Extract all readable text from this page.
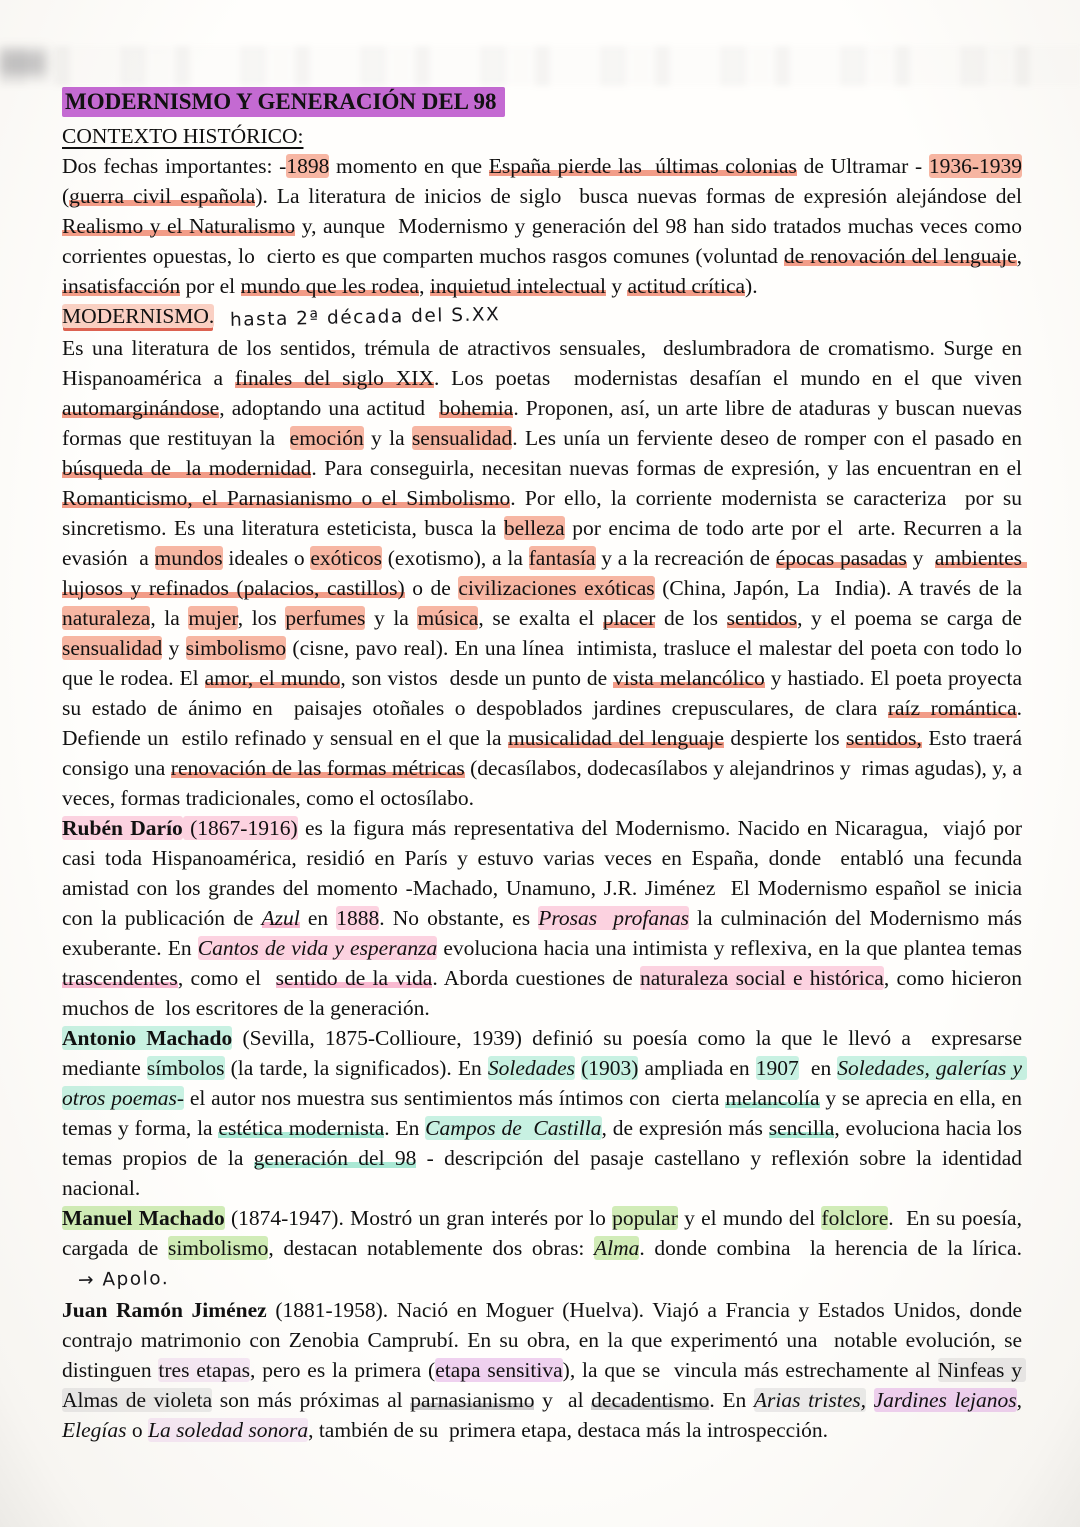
MODERNISMO Y GENERACIÓN DEL 98

CONTEXTO HISTÓRICO:

Dos fechas importantes: -1898 momento en que España pierde las  últimas colonias de Ultramar - 1936-1939 (guerra civil española). La literatura de inicios de siglo  busca nuevas formas de expresión alejándose del Realismo y el Naturalismo y, aunque  Modernismo y generación del 98 han sido tratados muchas veces como corrientes opuestas, lo  cierto es que comparten muchos rasgos comunes (voluntad de renovación del lenguaje,  insatisfacción por el mundo que les rodea, inquietud intelectual y actitud crítica).

MODERNISMO. hasta 2ª década del S.XX

Es una literatura de los sentidos, trémula de atractivos sensuales,  deslumbradora de cromatismo. Surge en Hispanoamérica a finales del siglo XIX. Los poetas  modernistas desafían el mundo en el que viven automarginándose, adoptando una actitud  bohemia. Proponen, así, un arte libre de ataduras y buscan nuevas formas que restituyan la  emoción y la sensualidad. Les unía un ferviente deseo de romper con el pasado en búsqueda de  la modernidad. Para conseguirla, necesitan nuevas formas de expresión, y las encuentran en el  Romanticismo, el Parnasianismo o el Simbolismo. Por ello, la corriente modernista se caracteriza  por su sincretismo. Es una literatura esteticista, busca la belleza por encima de todo arte por el  arte. Recurren a la evasión  a mundos ideales o exóticos (exotismo), a la fantasía y a la recreación de épocas pasadas y  ambientes lujosos y refinados (palacios, castillos) o de civilizaciones exóticas (China, Japón, La  India). A través de la naturaleza, la mujer, los perfumes y la música, se exalta el placer de los sentidos, y el poema se carga de sensualidad y simbolismo (cisne, pavo real). En una línea  intimista, trasluce el malestar del poeta con todo lo que le rodea. El amor, el mundo, son vistos  desde un punto de vista melancólico y hastiado. El poeta proyecta su estado de ánimo en  paisajes otoñales o despoblados jardines crepusculares, de clara raíz romántica. Defiende un  estilo refinado y sensual en el que la musicalidad del lenguaje despierte los sentidos, Esto traerá  consigo una renovación de las formas métricas (decasílabos, dodecasílabos y alejandrinos y  rimas agudas), y, a veces, formas tradicionales, como el octosílabo.

Rubén Darío (1867-1916) es la figura más representativa del Modernismo. Nacido en Nicaragua,  viajó por casi toda Hispanoamérica, residió en París y estuvo varias veces en España, donde  entabló una fecunda amistad con los grandes del momento -Machado, Unamuno, J.R. Jiménez  El Modernismo español se inicia con la publicación de Azul en 1888. No obstante, es Prosas  profanas la culminación del Modernismo más exuberante. En Cantos de vida y esperanza evoluciona hacia una intimista y reflexiva, en la que plantea temas trascendentes, como el  sentido de la vida. Aborda cuestiones de naturaleza social e histórica, como hicieron muchos de  los escritores de la generación.

Antonio Machado (Sevilla, 1875-Collioure, 1939) definió su poesía como la que le llevó a  expresarse mediante símbolos (la tarde, la significados). En Soledades (1903) ampliada en 1907  en Soledades, galerías y otros poemas- el autor nos muestra sus sentimientos más íntimos con  cierta melancolía y se aprecia en ella, en temas y forma, la estética modernista. En Campos de  Castilla, de expresión más sencilla, evoluciona hacia los temas propios de la generación del 98 - descripción del pasaje castellano y reflexión sobre la identidad nacional.

Manuel Machado (1874-1947). Mostró un gran interés por lo popular y el mundo del folclore.  En su poesía, cargada de simbolismo, destacan notablemente dos obras: Alma. donde combina  la herencia de la lírica. → Apolo.

Juan Ramón Jiménez (1881-1958). Nació en Moguer (Huelva). Viajó a Francia y Estados Unidos, donde contrajo matrimonio con Zenobia Camprubí. En su obra, en la que experimentó una  notable evolución, se distinguen tres etapas, pero es la primera (etapa sensitiva), la que se  vincula más estrechamente al Ninfeas y Almas de violeta son más próximas al parnasianismo y  al decadentismo. En Arias tristes, Jardines lejanos, Elegías o La soledad sonora, también de su  primera etapa, destaca más la introspección.
